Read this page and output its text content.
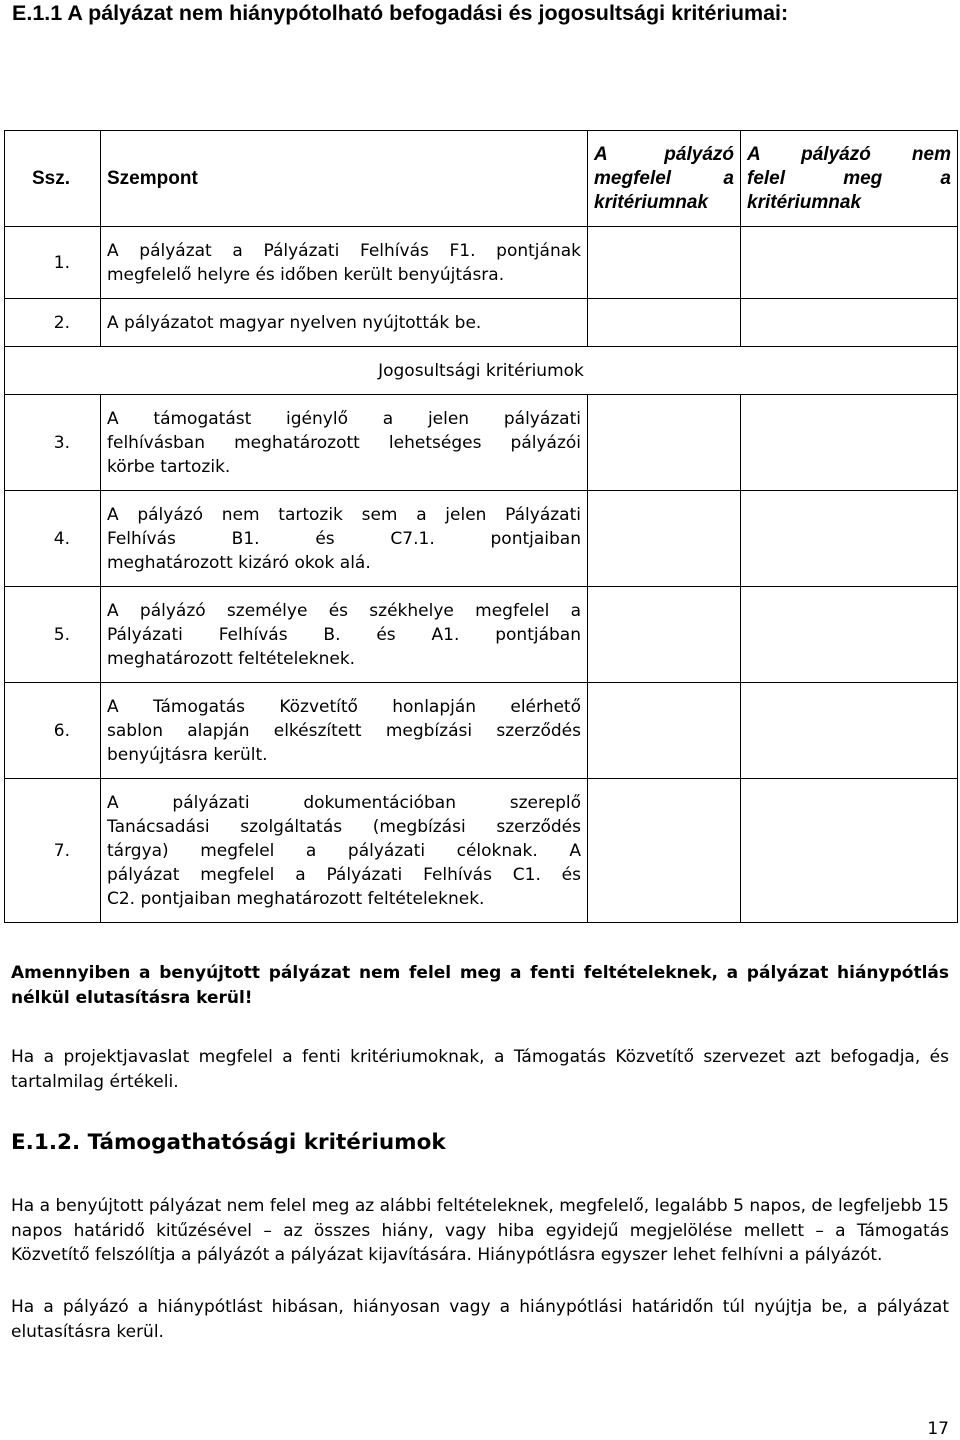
E.1.1 A pályázat nem hiánypótolható befogadási és jogosultsági kritériumai:
Ssz.	Szempont	A pályázó
megfelel a
kritériumnak	A pályázó nem
felel meg a
kritériumnak

1.	A pályázat a Pályázati Felhívás F1. pontjának
megfelelő helyre és időben került benyújtásra.		

2.	A pályázatot magyar nyelven nyújtották be.		

Jogosultsági kritériumok			
3.	A támogatást igénylő a jelen pályázati
felhívásban meghatározott lehetséges pályázói
körbe tartozik.		

4.	A pályázó nem tartozik sem a jelen Pályázati
Felhívás B1. és C7.1. pontjaiban
meghatározott kizáró okok alá.		

5.	A pályázó személye és székhelye megfelel a
Pályázati Felhívás B. és A1. pontjában
meghatározott feltételeknek.		

6.	A Támogatás Közvetítő honlapján elérhető
sablon alapján elkészített megbízási szerződés
benyújtásra került.		

7.	A pályázati dokumentációban szereplő
Tanácsadási szolgáltatás (megbízási szerződés
tárgya) megfelel a pályázati céloknak. A
pályázat megfelel a Pályázati Felhívás C1. és
C2. pontjaiban meghatározott feltételeknek.		

Amennyiben a benyújtott pályázat nem felel meg a fenti feltételeknek, a pályázat hiánypótlás nélkül elutasításra kerül!
Ha a projektjavaslat megfelel a fenti kritériumoknak, a Támogatás Közvetítő szervezet azt befogadja, és tartalmilag értékeli.
E.1.2. Támogathatósági kritériumok
Ha a benyújtott pályázat nem felel meg az alábbi feltételeknek, megfelelő, legalább 5 napos, de legfeljebb 15 napos határidő kitűzésével – az összes hiány, vagy hiba egyidejű megjelölése mellett – a Támogatás Közvetítő felszólítja a pályázót a pályázat kijavítására. Hiánypótlásra egyszer lehet felhívni a pályázót.
Ha a pályázó a hiánypótlást hibásan, hiányosan vagy a hiánypótlási határidőn túl nyújtja be, a pályázat elutasításra kerül.
17
